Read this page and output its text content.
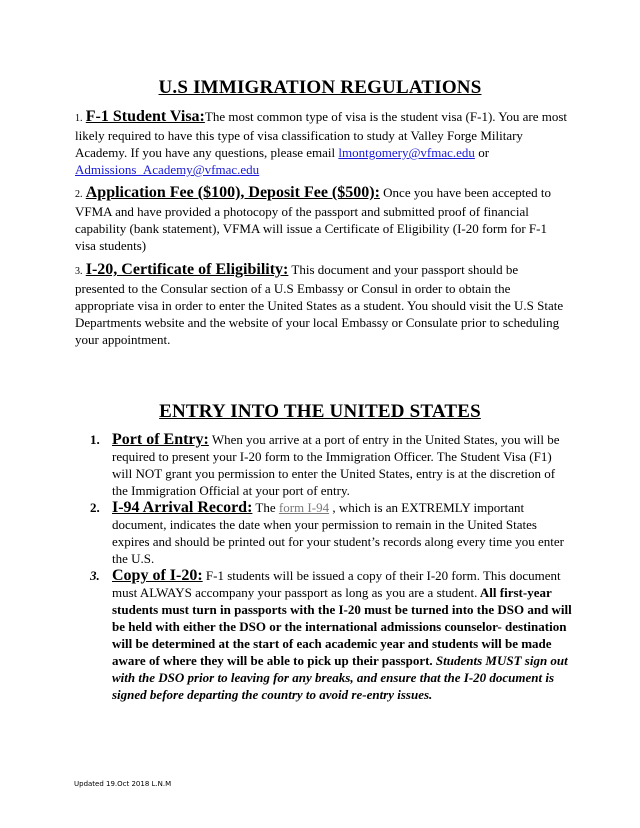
U.S IMMIGRATION REGULATIONS
1. F-1 Student Visa:The most common type of visa is the student visa (F-1). You are most likely required to have this type of visa classification to study at Valley Forge Military Academy. If you have any questions, please email lmontgomery@vfmac.edu or Admissions_Academy@vfmac.edu
2. Application Fee ($100), Deposit Fee ($500): Once you have been accepted to VFMA and have provided a photocopy of the passport and submitted proof of financial capability (bank statement), VFMA will issue a Certificate of Eligibility (I-20 form for F-1 visa students)
3. I-20, Certificate of Eligibility: This document and your passport should be presented to the Consular section of a U.S Embassy or Consul in order to obtain the appropriate visa in order to enter the United States as a student. You should visit the U.S State Departments website and the website of your local Embassy or Consulate prior to scheduling your appointment.
ENTRY INTO THE UNITED STATES
1. Port of Entry: When you arrive at a port of entry in the United States, you will be required to present your I-20 form to the Immigration Officer. The Student Visa (F1) will NOT grant you permission to enter the United States, entry is at the discretion of the Immigration Official at your port of entry.
2. I-94 Arrival Record: The form I-94 , which is an EXTREMLY important document, indicates the date when your permission to remain in the United States expires and should be printed out for your student’s records along every time you enter the U.S.
3. Copy of I-20: F-1 students will be issued a copy of their I-20 form. This document must ALWAYS accompany your passport as long as you are a student. All first-year students must turn in passports with the I-20 must be turned into the DSO and will be held with either the DSO or the international admissions counselor- destination will be determined at the start of each academic year and students will be made aware of where they will be able to pick up their passport. Students MUST sign out with the DSO prior to leaving for any breaks, and ensure that the I-20 document is signed before departing the country to avoid re-entry issues.
Updated 19.Oct 2018 L.N.M
